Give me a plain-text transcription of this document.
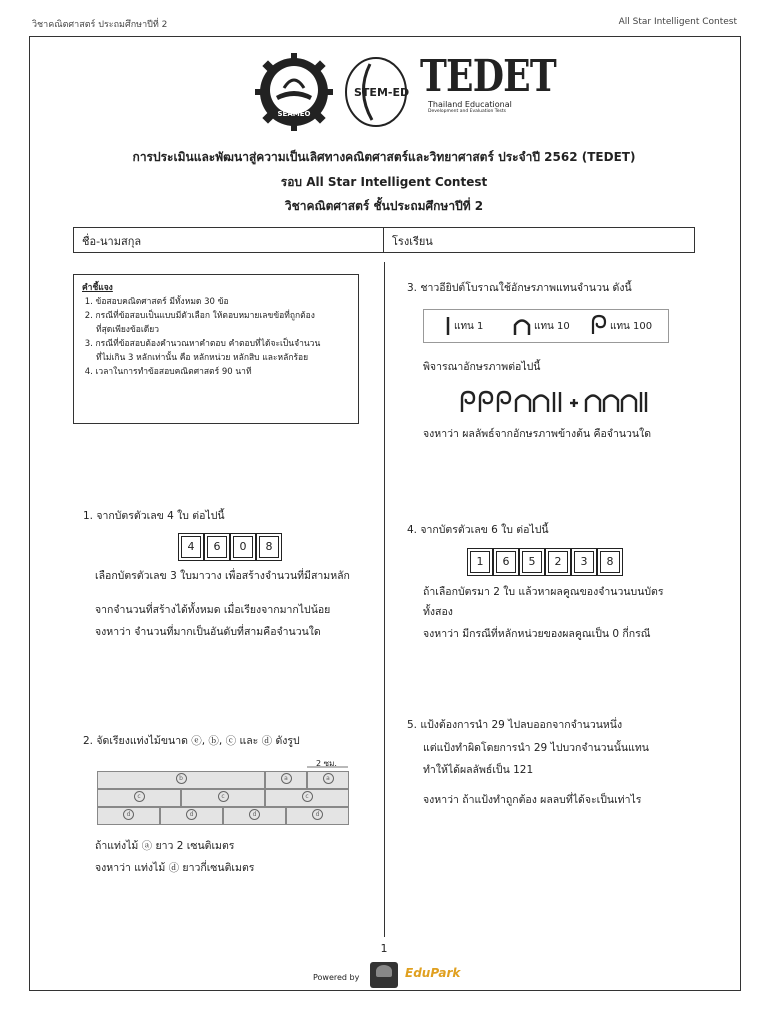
วิชาคณิตศาสตร์ ประถมศึกษาปีที่ 2	All Star Intelligent Contest
SEAMEO
STEM-ED TEDET
Thailand Educational
Development and Evaluation Tests
การประเมินและพัฒนาสู่ความเป็นเลิศทางคณิตศาสตร์และวิทยาศาสตร์ ประจำปี 2562 (TEDET)
รอบ All Star Intelligent Contest
วิชาคณิตศาสตร์ ชั้นประถมศึกษาปีที่ 2
ชื่อ-นามสกุล	โรงเรียน
คำชี้แจง
1. ข้อสอบคณิตศาสตร์ มีทั้งหมด 30 ข้อ
2. กรณีที่ข้อสอบเป็นแบบมีตัวเลือก ให้ตอบหมายเลขข้อที่ถูกต้อง
ที่สุดเพียงข้อเดียว
3. กรณีที่ข้อสอบต้องคำนวณหาคำตอบ คำตอบที่ได้จะเป็นจำนวน
ที่ไม่เกิน 3 หลักเท่านั้น คือ หลักหน่วย หลักสิบ และหลักร้อย
4. เวลาในการทำข้อสอบคณิตศาสตร์ 90 นาที
1. จากบัตรตัวเลข 4 ใบ ต่อไปนี้
4 6 0 8
เลือกบัตรตัวเลข 3 ใบมาวาง เพื่อสร้างจำนวนที่มีสามหลัก
จากจำนวนที่สร้างได้ทั้งหมด เมื่อเรียงจากมากไปน้อย
จงหาว่า จำนวนที่มากเป็นอันดับที่สามคือจำนวนใด
2. จัดเรียงแท่งไม้ขนาด ⓔ, ⓑ, ⓒ และ ⓓ ดังรูป
2 ซม.
b	a	a
c	c	c
d	d	d	d
ถ้าแท่งไม้ ⓐ ยาว 2 เซนติเมตร
จงหาว่า แท่งไม้ ⓓ ยาวกี่เซนติเมตร
3. ชาวอียิปต์โบราณใช้อักษรภาพแทนจำนวน ดังนี้
แทน 1	แทน 10	แทน 100
พิจารณาอักษรภาพต่อไปนี้
จงหาว่า ผลลัพธ์จากอักษรภาพข้างต้น คือจำนวนใด
4. จากบัตรตัวเลข 6 ใบ ต่อไปนี้
1 6 5 2 3 8
ถ้าเลือกบัตรมา 2 ใบ แล้วหาผลคูณของจำนวนบนบัตร
ทั้งสอง
จงหาว่า มีกรณีที่หลักหน่วยของผลคูณเป็น 0 กี่กรณี
5. แป้งต้องการนำ 29 ไปลบออกจากจำนวนหนึ่ง
แต่แป้งทำผิดโดยการนำ 29 ไปบวกจำนวนนั้นแทน
ทำให้ได้ผลลัพธ์เป็น 121
จงหาว่า ถ้าแป้งทำถูกต้อง ผลลบที่ได้จะเป็นเท่าไร
1
Powered by	EduPark
